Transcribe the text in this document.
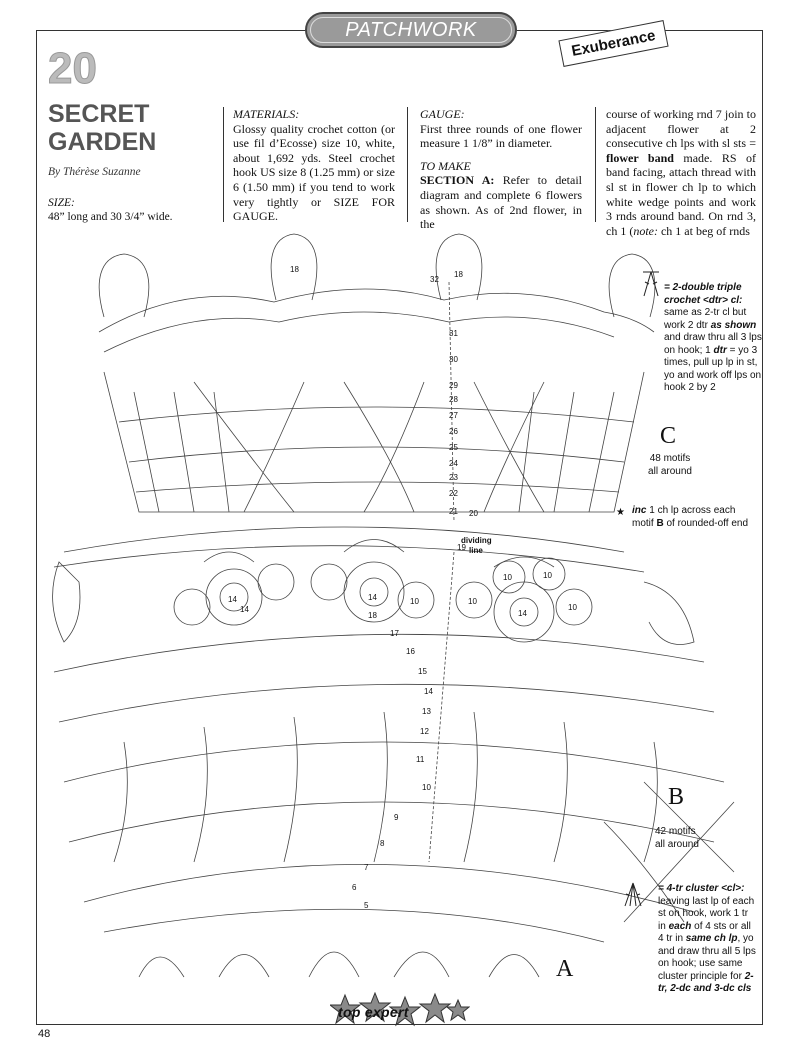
PATCHWORK	Exuberance
20
SECRET
GARDEN
By Thérèse Suzanne
SIZE:
48” long and 30 3/4” wide.
MATERIALS:
Glossy quality crochet cotton (or use fil d’Ecosse) size 10, white, about 1,692 yds. Steel crochet hook US size 8 (1.25 mm) or size 6 (1.50 mm) if you tend to work very tightly or SIZE FOR GAUGE.
GAUGE:
First three rounds of one flower measure 1 1/8” in diameter.
TO MAKE
SECTION A: Refer to detail diagram and complete 6 flowers as shown. As of 2nd flower, in the
course of working rnd 7 join to adjacent flower at 2 consecutive ch lps with sl sts = flower band made. RS of band facing, attach thread with sl st in flower ch lp to which white wedge points and work 3 rnds around band. On rnd 3, ch 1 (note: ch 1 at beg of rnds
32
31
30
29
28
27
26
25
24
23
22
21 20
19
18
17
16
15
14
13
12
11
10
9
8
7
6
5
18
18
14	14
14
14
10	10
10	10
10
dividing
line
= 2-double triple crochet <dtr> cl: same as 2-tr cl but work 2 dtr as shown and draw thru all 3 lps on hook; 1 dtr = yo 3 times, pull up lp in st, yo and work off lps on hook 2 by 2
C
48 motifs
all around
★ inc 1 ch lp across each motif B of rounded-off end
B
42 motifs
all around
= 4-tr cluster <cl>: leaving last lp of each st on hook, work 1 tr in each of 4 sts or all 4 tr in same ch lp, yo and draw thru all 5 lps on hook; use same cluster principle for 2-tr, 2-dc and 3-dc cls
A
top expert
48
